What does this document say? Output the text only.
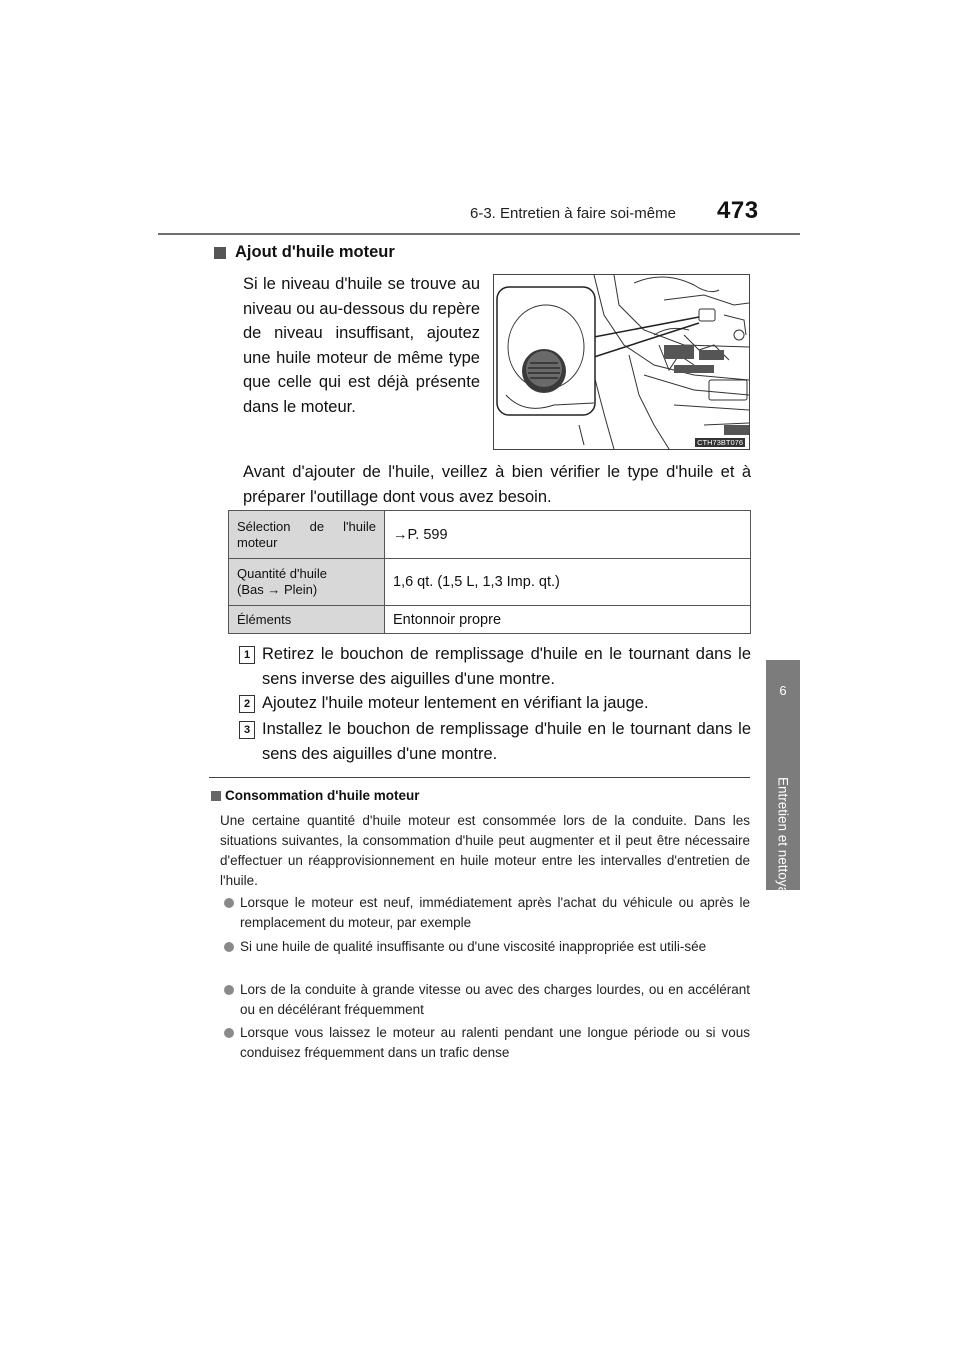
6-3. Entretien à faire soi-même 473
6
Entretien et nettoyage
Ajout d'huile moteur
Si le niveau d'huile se trouve au niveau ou au-dessous du repère de niveau insuffisant, ajoutez une huile moteur de même type que celle qui est déjà présente dans le moteur.
CTH73BT076
Avant d'ajouter de l'huile, veillez à bien vérifier le type d'huile et à préparer l'outillage dont vous avez besoin.
Sélection de l'huile
moteur	→P. 599

Quantité d'huile
(Bas → Plein)	1,6 qt. (1,5 L, 1,3 Imp. qt.)

Éléments	Entonnoir propre
1 Retirez le bouchon de remplissage d'huile en le tournant dans le sens inverse des aiguilles d'une montre.
2 Ajoutez l'huile moteur lentement en vérifiant la jauge.
3 Installez le bouchon de remplissage d'huile en le tournant dans le sens des aiguilles d'une montre.
Consommation d'huile moteur
Une certaine quantité d'huile moteur est consommée lors de la conduite. Dans les situations suivantes, la consommation d'huile peut augmenter et il peut être nécessaire d'effectuer un réapprovisionnement en huile moteur entre les intervalles d'entretien de l'huile.
Lorsque le moteur est neuf, immédiatement après l'achat du véhicule ou après le remplacement du moteur, par exemple
Si une huile de qualité insuffisante ou d'une viscosité inappropriée est utili-sée
Lors de la conduite à grande vitesse ou avec des charges lourdes, ou en accélérant ou en décélérant fréquemment
Lorsque vous laissez le moteur au ralenti pendant une longue période ou si vous conduisez fréquemment dans un trafic dense
